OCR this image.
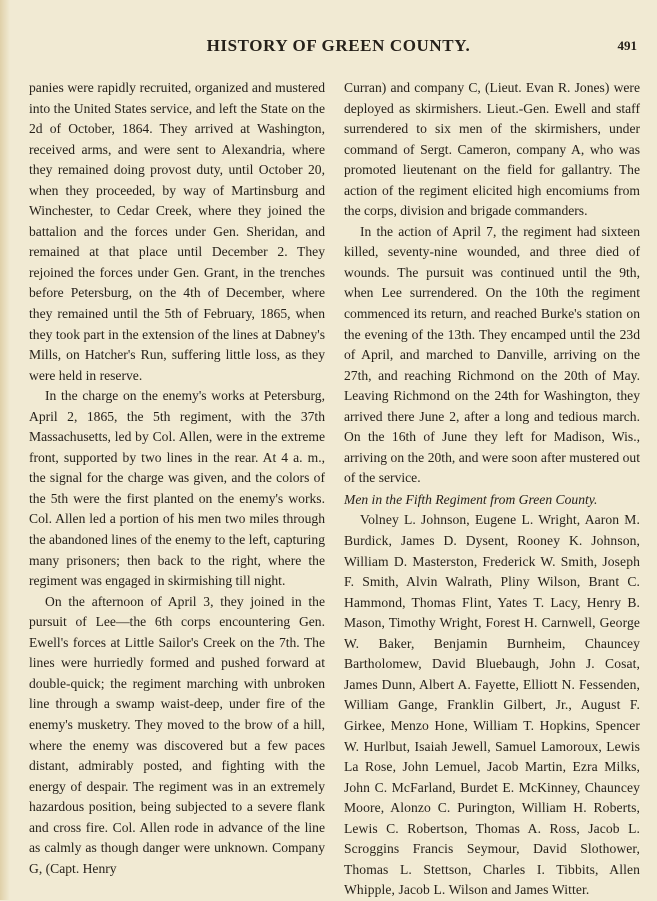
HISTORY OF GREEN COUNTY.	491

panies were rapidly recruited, organized and mustered into the United States service, and left the State on the 2d of October, 1864. They arrived at Washington, received arms, and were sent to Alexandria, where they remained doing provost duty, until October 20, when they proceeded, by way of Martinsburg and Winchester, to Cedar Creek, where they joined the battalion and the forces under Gen. Sheridan, and remained at that place until December 2. They rejoined the forces under Gen. Grant, in the trenches before Petersburg, on the 4th of December, where they remained until the 5th of February, 1865, when they took part in the extension of the lines at Dabney's Mills, on Hatcher's Run, suffering little loss, as they were held in reserve.

In the charge on the enemy's works at Petersburg, April 2, 1865, the 5th regiment, with the 37th Massachusetts, led by Col. Allen, were in the extreme front, supported by two lines in the rear. At 4 a. m., the signal for the charge was given, and the colors of the 5th were the first planted on the enemy's works. Col. Allen led a portion of his men two miles through the abandoned lines of the enemy to the left, capturing many prisoners; then back to the right, where the regiment was engaged in skirmishing till night.

On the afternoon of April 3, they joined in the pursuit of Lee—the 6th corps encountering Gen. Ewell's forces at Little Sailor's Creek on the 7th. The lines were hurriedly formed and pushed forward at double-quick; the regiment marching with unbroken line through a swamp waist-deep, under fire of the enemy's musketry. They moved to the brow of a hill, where the enemy was discovered but a few paces distant, admirably posted, and fighting with the energy of despair. The regiment was in an extremely hazardous position, being subjected to a severe flank and cross fire. Col. Allen rode in advance of the line as calmly as though danger were unknown. Company G, (Capt. Henry

Curran) and company C, (Lieut. Evan R. Jones) were deployed as skirmishers. Lieut.-Gen. Ewell and staff surrendered to six men of the skirmishers, under command of Sergt. Cameron, company A, who was promoted lieutenant on the field for gallantry. The action of the regiment elicited high encomiums from the corps, division and brigade commanders.

In the action of April 7, the regiment had sixteen killed, seventy-nine wounded, and three died of wounds. The pursuit was continued until the 9th, when Lee surrendered. On the 10th the regiment commenced its return, and reached Burke's station on the evening of the 13th. They encamped until the 23d of April, and marched to Danville, arriving on the 27th, and reaching Richmond on the 20th of May. Leaving Richmond on the 24th for Washington, they arrived there June 2, after a long and tedious march. On the 16th of June they left for Madison, Wis., arriving on the 20th, and were soon after mustered out of the service.

Men in the Fifth Regiment from Green County.

Volney L. Johnson, Eugene L. Wright, Aaron M. Burdick, James D. Dysent, Rooney K. Johnson, William D. Masterston, Frederick W. Smith, Joseph F. Smith, Alvin Walrath, Pliny Wilson, Brant C. Hammond, Thomas Flint, Yates T. Lacy, Henry B. Mason, Timothy Wright, Forest H. Carnwell, George W. Baker, Benjamin Burnheim, Chauncey Bartholomew, David Bluebaugh, John J. Cosat, James Dunn, Albert A. Fayette, Elliott N. Fessenden, William Gange, Franklin Gilbert, Jr., August F. Girkee, Menzo Hone, William T. Hopkins, Spencer W. Hurlbut, Isaiah Jewell, Samuel Lamoroux, Lewis La Rose, John Lemuel, Jacob Martin, Ezra Milks, John C. McFarland, Burdet E. McKinney, Chauncey Moore, Alonzo C. Purington, William H. Roberts, Lewis C. Robertson, Thomas A. Ross, Jacob L. Scroggins Francis Seymour, David Slothower, Thomas L. Stettson, Charles I. Tibbits, Allen Whipple, Jacob L. Wilson and James Witter.
